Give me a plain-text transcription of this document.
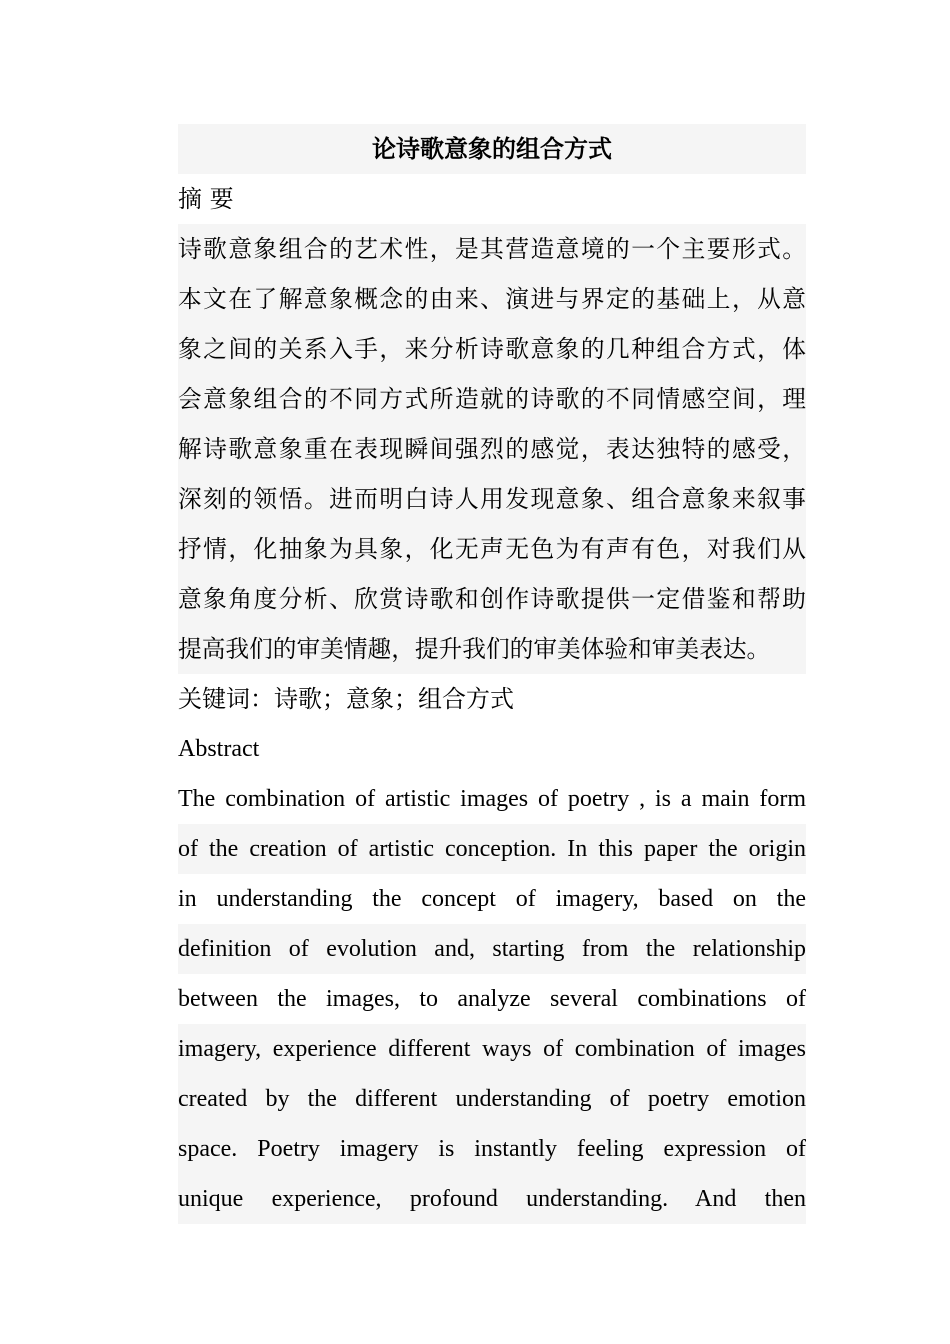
论诗歌意象的组合方式
摘 要
诗歌意象组合的艺术性，是其营造意境的一个主要形式。
本文在了解意象概念的由来、演进与界定的基础上，从意
象之间的关系入手，来分析诗歌意象的几种组合方式，体
会意象组合的不同方式所造就的诗歌的不同情感空间，理
解诗歌意象重在表现瞬间强烈的感觉，表达独特的感受，
深刻的领悟。进而明白诗人用发现意象、组合意象来叙事
抒情，化抽象为具象，化无声无色为有声有色，对我们从
意象角度分析、欣赏诗歌和创作诗歌提供一定借鉴和帮助
提高我们的审美情趣，提升我们的审美体验和审美表达。
关键词：诗歌；意象；组合方式
Abstract
The combination of artistic images of poetry , is a main form
of the creation of artistic conception. In this paper the origin
in understanding the concept of imagery, based on the
definition of evolution and, starting from the relationship
between the images, to analyze several combinations of
imagery, experience different ways of combination of images
created by the different understanding of poetry emotion
space. Poetry imagery is instantly feeling expression of
unique experience, profound understanding. And then
